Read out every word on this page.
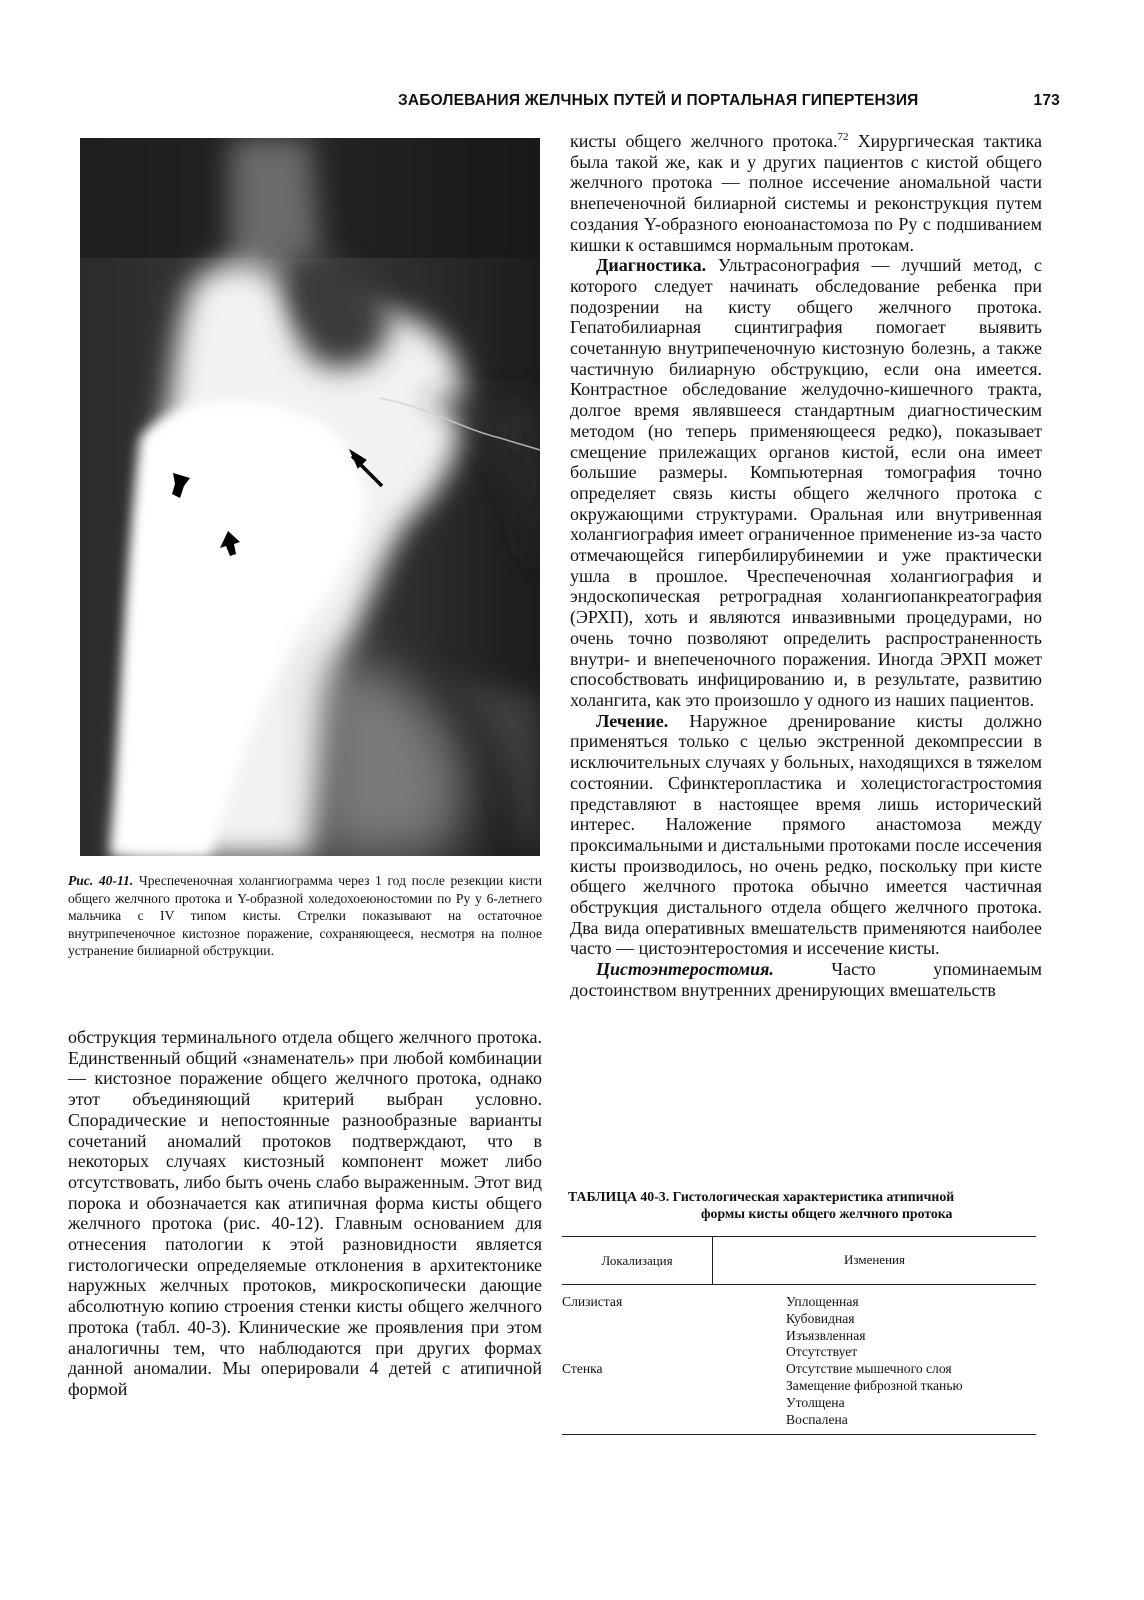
ЗАБОЛЕВАНИЯ ЖЕЛЧНЫХ ПУТЕЙ И ПОРТАЛЬНАЯ ГИПЕРТЕНЗИЯ	173
Рис. 40-11. Чреспеченочная холангиограмма через 1 год после резекции кисти общего желчного протока и Y-образной холедохоеюностомии по Ру у 6-летнего мальчика с IV типом кисты. Стрелки показывают на остаточное внутрипеченочное кистозное поражение, сохраняющееся, несмотря на полное устранение билиарной обструкции.

кисты общего желчного протока.$^{72}$ Хирургическая тактика была такой же, как и у других пациентов с кистой общего желчного протока — полное иссечение аномальной части внепеченочной билиарной системы и реконструкция путем создания Y-образного еюноанастомоза по Ру с подшиванием кишки к оставшимся нормальным протокам.

Диагностика. Ультрасонография — лучший метод, с которого следует начинать обследование ребенка при подозрении на кисту общего желчного протока. Гепатобилиарная сцинтиграфия помогает выявить сочетанную внутрипеченочную кистозную болезнь, а также частичную билиарную обструкцию, если она имеется. Контрастное обследование желудочно-кишечного тракта, долгое время являвшееся стандартным диагностическим методом (но теперь применяющееся редко), показывает смещение прилежащих органов кистой, если она имеет большие размеры. Компьютерная томография точно определяет связь кисты общего желчного протока с окружающими структурами. Оральная или внутривенная холангиография имеет ограниченное применение из-за часто отмечающейся гипербилирубинемии и уже практически ушла в прошлое. Чреспеченочная холангиография и эндоскопическая ретроградная холангиопанкреатография (ЭРХП), хоть и являются инвазивными процедурами, но очень точно позволяют определить распространенность внутри- и внепеченочного поражения. Иногда ЭРХП может способствовать инфицированию и, в результате, развитию холангита, как это произошло у одного из наших пациентов.

Лечение. Наружное дренирование кисты должно применяться только с целью экстренной декомпрессии в исключительных случаях у больных, находящихся в тяжелом состоянии. Сфинктеропластика и холецистогастростомия представляют в настоящее время лишь исторический интерес. Наложение прямого анастомоза между проксимальными и дистальными протоками после иссечения кисты производилось, но очень редко, поскольку при кисте общего желчного протока обычно имеется частичная обструкция дистального отдела общего желчного протока. Два вида оперативных вмешательств применяются наиболее часто — цистоэнтеростомия и иссечение кисты.

Цистоэнтеростомия. Часто упоминаемым достоинством внутренних дренирующих вмешательств

обструкция терминального отдела общего желчного протока. Единственный общий «знаменатель» при любой комбинации — кистозное поражение общего желчного протока, однако этот объединяющий критерий выбран условно. Спорадические и непостоянные разнообразные варианты сочетаний аномалий протоков подтверждают, что в некоторых случаях кистозный компонент может либо отсутствовать, либо быть очень слабо выраженным. Этот вид порока и обозначается как атипичная форма кисты общего желчного протока (рис. 40-12). Главным основанием для отнесения патологии к этой разновидности является гистологически определяемые отклонения в архитектонике наружных желчных протоков, микроскопически дающие абсолютную копию строения стенки кисты общего желчного протока (табл. 40-3). Клинические же проявления при этом аналогичны тем, что наблюдаются при других формах данной аномалии. Мы оперировали 4 детей с атипичной формой

ТАБЛИЦА 40-3. Гистологическая характеристика атипичной
формы кисты общего желчного протока
Локализация	Изменения
Слизистая	Уплощенная
Кубовидная
Изъязвленная
Отсутствует
Стенка	Отсутствие мышечного слоя
Замещение фиброзной тканью
Утолщена
Воспалена
